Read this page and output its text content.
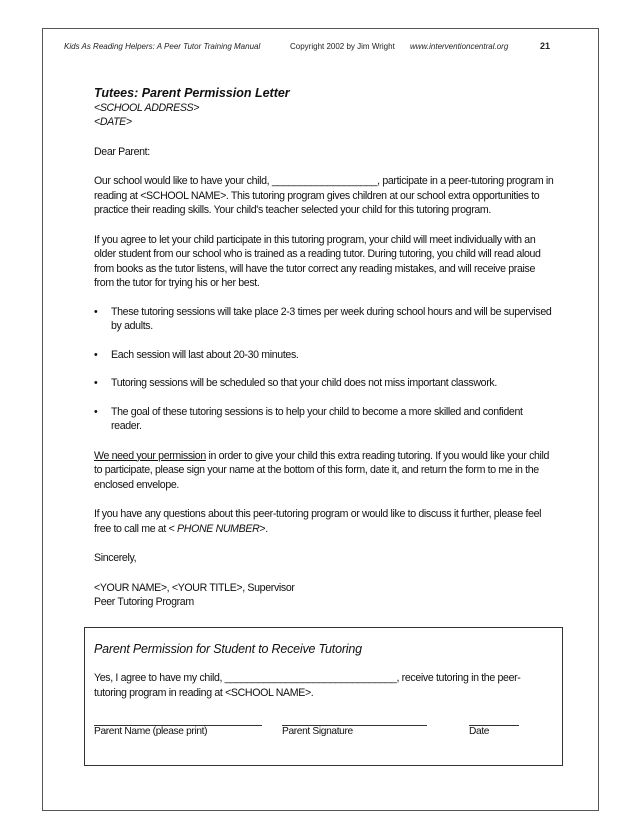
Kids As Reading Helpers: A Peer Tutor Training Manual	Copyright 2002 by Jim Wright www.interventioncentral.org	21
Tutees: Parent Permission Letter
<SCHOOL ADDRESS>
<DATE>
Dear Parent:
Our school would like to have your child, ___________________, participate in a peer-tutoring program in reading at <SCHOOL NAME>. This tutoring program gives children at our school extra opportunities to practice their reading skills. Your child's teacher selected your child for this tutoring program.
If you agree to let your child participate in this tutoring program, your child will meet individually with an older student from our school who is trained as a reading tutor. During tutoring, you child will read aloud from books as the tutor listens, will have the tutor correct any reading mistakes, and will receive praise from the tutor for trying his or her best.
• These tutoring sessions will take place 2-3 times per week during school hours and will be supervised by adults.
• Each session will last about 20-30 minutes.
• Tutoring sessions will be scheduled so that your child does not miss important classwork.
• The goal of these tutoring sessions is to help your child to become a more skilled and confident reader.
We need your permission in order to give your child this extra reading tutoring. If you would like your child to participate, please sign your name at the bottom of this form, date it, and return the form to me in the enclosed envelope.
If you have any questions about this peer-tutoring program or would like to discuss it further, please feel free to call me at < PHONE NUMBER>.
Sincerely,
<YOUR NAME>, <YOUR TITLE>, Supervisor
Peer Tutoring Program
Parent Permission for Student to Receive Tutoring
Yes, I agree to have my child, _______________________________, receive tutoring in the peer-tutoring program in reading at <SCHOOL NAME>.
Parent Name (please print)	Parent Signature	Date
